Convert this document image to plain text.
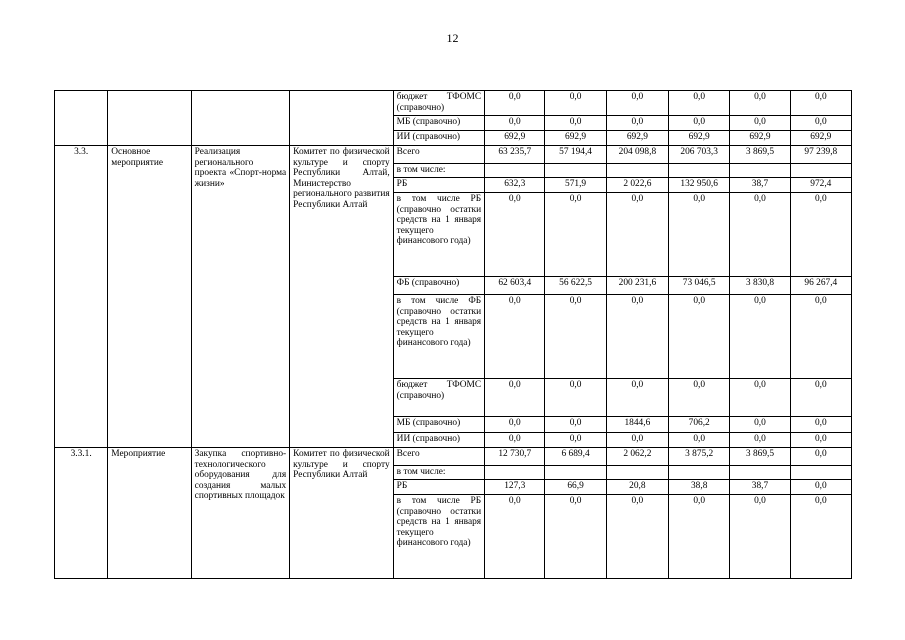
12
				бюджет ТФОМС (справочно)	0,0	0,0	0,0	0,0	0,0	0,0
				МБ (справочно)	0,0	0,0	0,0	0,0	0,0	0,0
				ИИ (справочно)	692,9	692,9	692,9	692,9	692,9	692,9
3.3.	Основное мероприятие	Реализация регионального проекта «Спорт-норма жизни»	Комитет по физической культуре и спорту Республики Алтай, Министерство регионального развития Республики Алтай	Всего	63 235,7	57 194,4	204 098,8	206 703,3	3 869,5	97 239,8
				в том числе:						
				РБ	632,3	571,9	2 022,6	132 950,6	38,7	972,4
				в том числе РБ (справочно остатки средств на 1 января текущего финансового года)	0,0	0,0	0,0	0,0	0,0	0,0
				ФБ (справочно)	62 603,4	56 622,5	200 231,6	73 046,5	3 830,8	96 267,4
				в том числе ФБ (справочно остатки средств на 1 января текущего финансового года)	0,0	0,0	0,0	0,0	0,0	0,0
				бюджет ТФОМС (справочно)	0,0	0,0	0,0	0,0	0,0	0,0
				МБ (справочно)	0,0	0,0	1844,6	706,2	0,0	0,0
				ИИ (справочно)	0,0	0,0	0,0	0,0	0,0	0,0
3.3.1.	Мероприятие	Закупка спортивно-технологического оборудования для создания малых спортивных площадок	Комитет по физической культуре и спорту Республики Алтай	Всего	12 730,7	6 689,4	2 062,2	3 875,2	3 869,5	0,0
				в том числе:						
				РБ	127,3	66,9	20,8	38,8	38,7	0,0
				в том числе РБ (справочно остатки средств на 1 января текущего финансового года)	0,0	0,0	0,0	0,0	0,0	0,0
